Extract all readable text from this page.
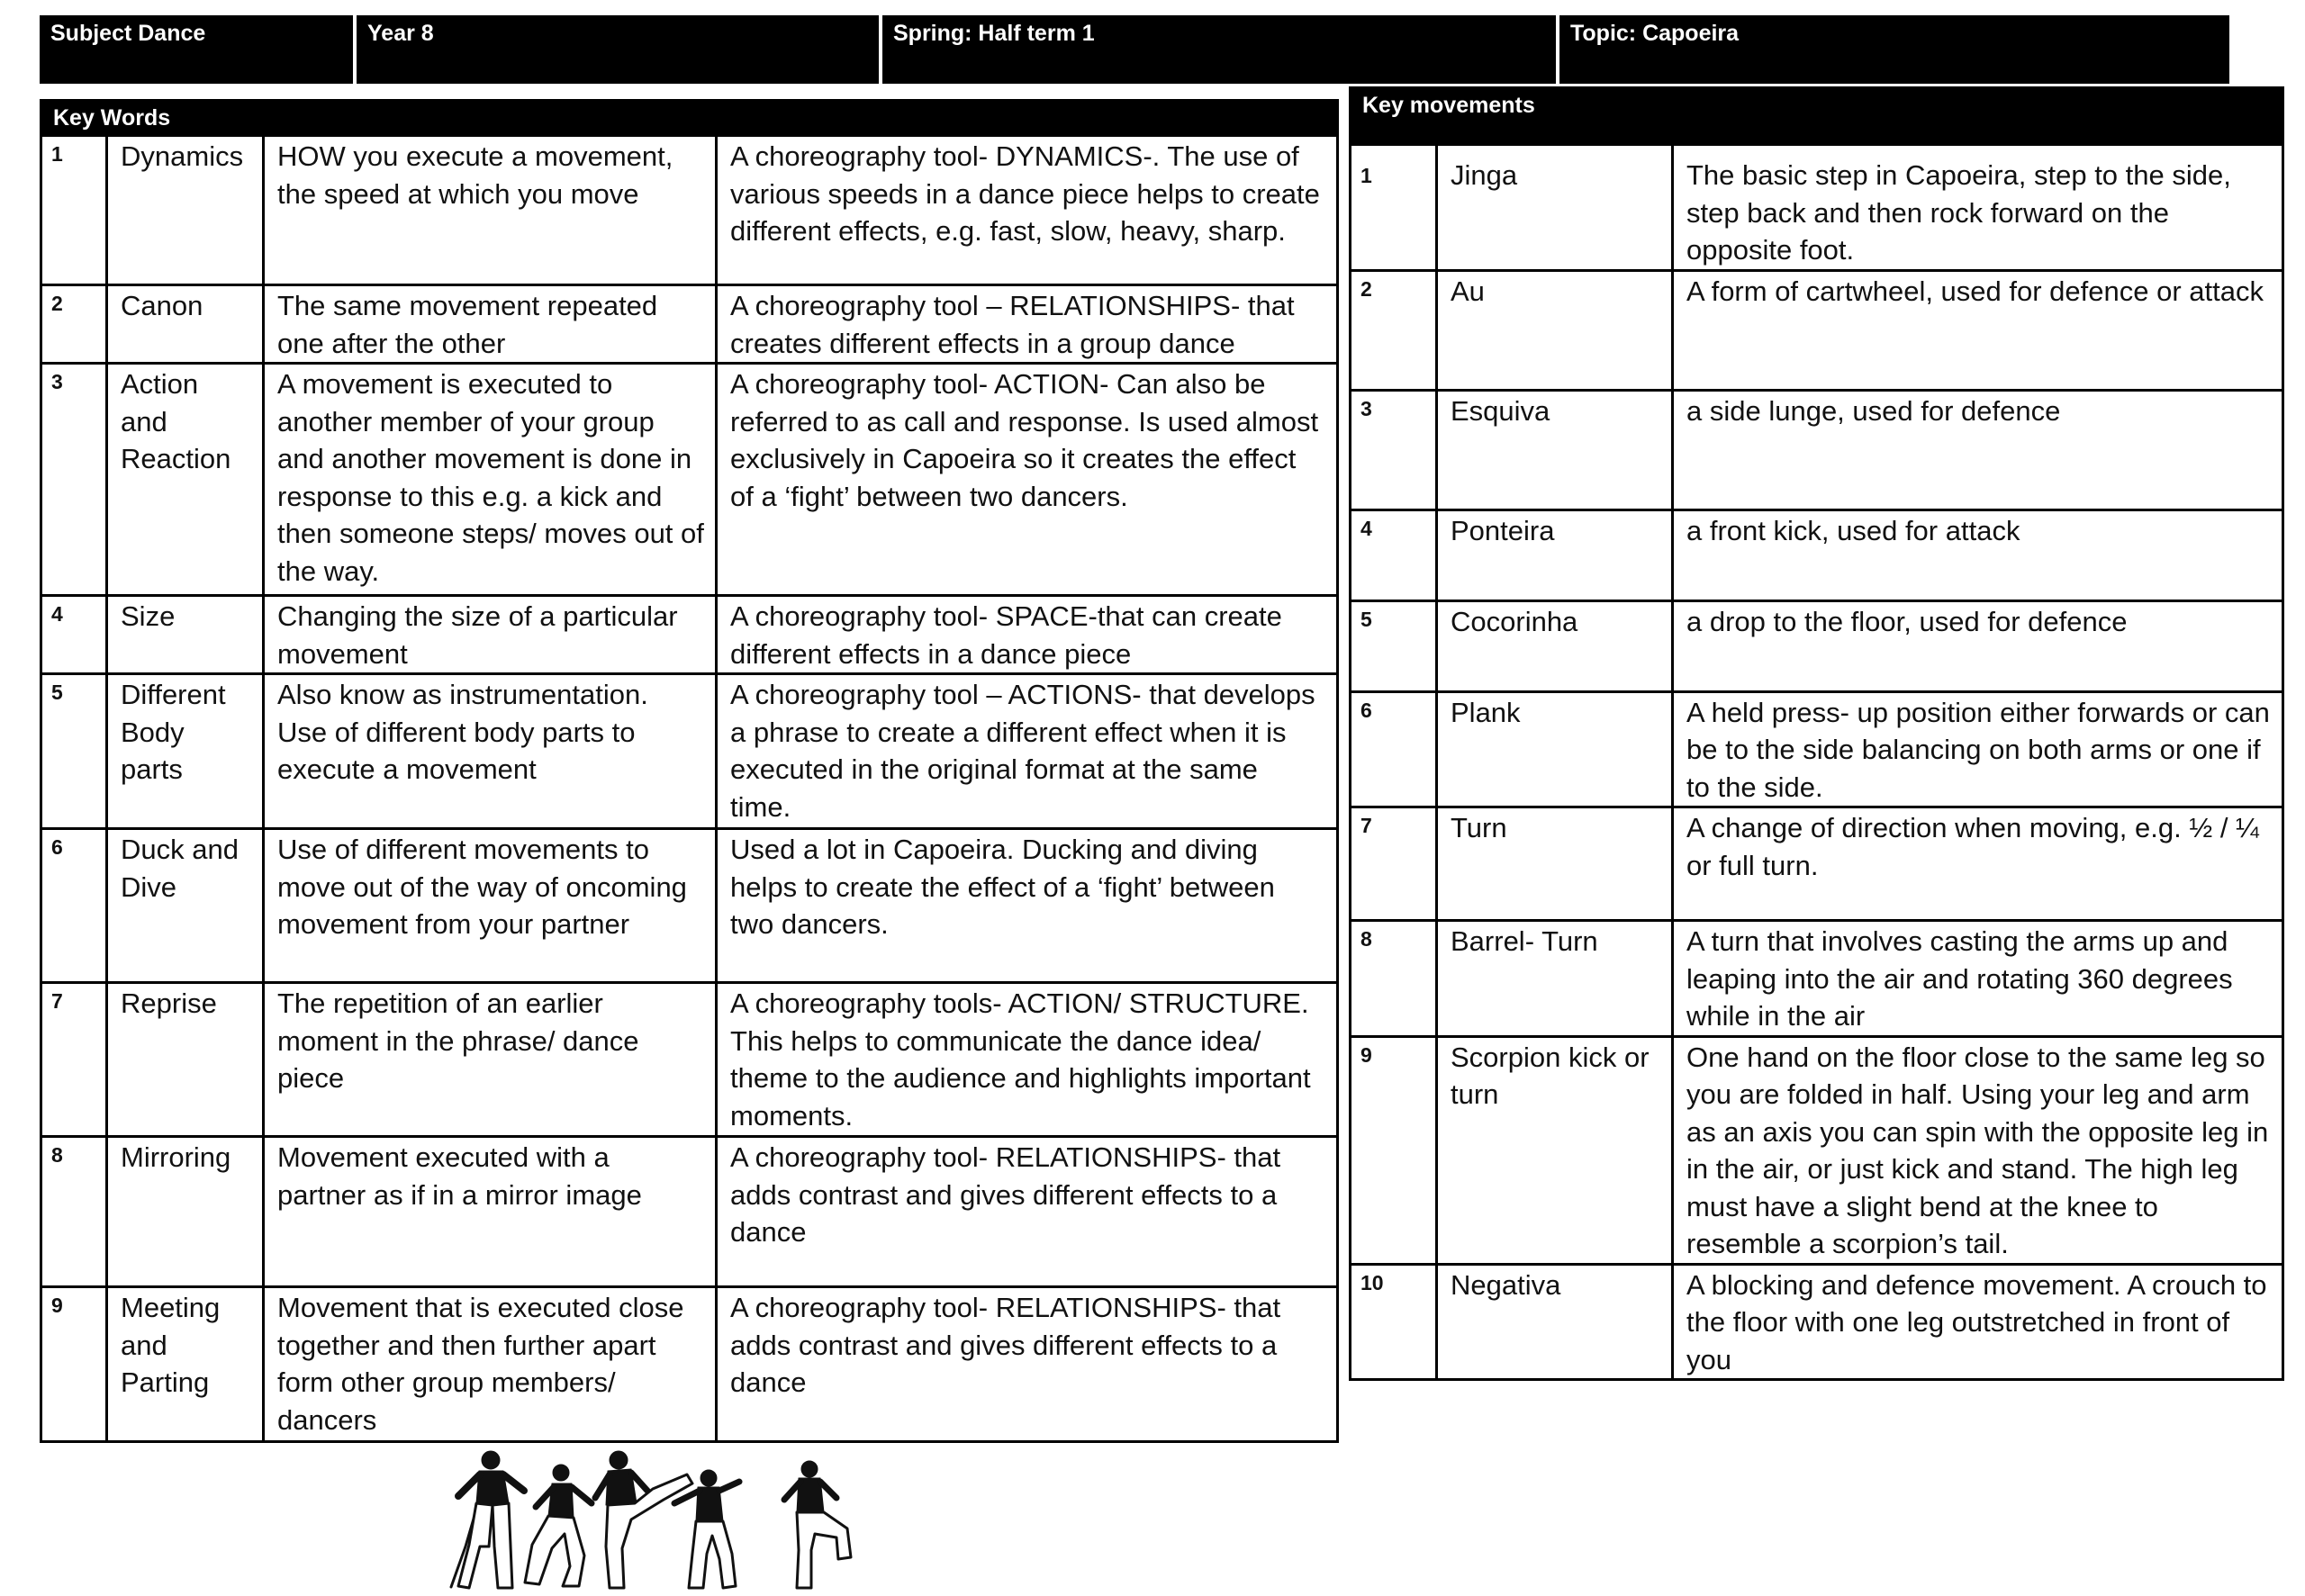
Subject Dance	Year 8	Spring: Half term 1	Topic: Capoeira
Key Words			
1	Dynamics	HOW you execute a movement, the speed at which you move	A choreography tool- DYNAMICS-. The use of various speeds in a dance piece helps to create different effects, e.g. fast, slow, heavy, sharp.
2	Canon	The same movement repeated one after the other	A choreography tool – RELATIONSHIPS- that creates different effects in a group dance
3	Action and Reaction	A movement is executed to another member of your group and another movement is done in response to this e.g. a kick and then someone steps/ moves out of the way.	A choreography tool- ACTION- Can also be referred to as call and response. Is used almost exclusively in Capoeira so it creates the effect of a ‘fight’ between two dancers.
4	Size	Changing the size of a particular movement	A choreography tool- SPACE-that can create different effects in a dance piece
5	Different Body parts	Also know as instrumentation. Use of different body parts to execute a movement	A choreography tool – ACTIONS- that develops a phrase to create a different effect when it is executed in the original format at the same time.
6	Duck and Dive	Use of different movements to move out of the way of oncoming movement from your partner	Used a lot in Capoeira. Ducking and diving helps to create the effect of a ‘fight’ between two dancers.
7	Reprise	The repetition of an earlier moment in the phrase/ dance piece	A choreography tools- ACTION/ STRUCTURE. This helps to communicate the dance idea/ theme to the audience and highlights important moments.
8	Mirroring	Movement executed with a partner as if in a mirror image	A choreography tool- RELATIONSHIPS- that adds contrast and gives different effects to a dance
9	Meeting and Parting	Movement that is executed close together and then further apart form other group members/ dancers	A choreography tool- RELATIONSHIPS- that adds contrast and gives different effects to a dance
Key movements		
1	Jinga	The basic step in Capoeira, step to the side, step back and then rock forward on the opposite foot.
2	Au	A form of cartwheel, used for defence or attack
3	Esquiva	a side lunge, used for defence
4	Ponteira	a front kick, used for attack
5	Cocorinha	a drop to the floor, used for defence
6	Plank	A held press- up position either forwards or can be to the side balancing on both arms or one if to the side.
7	Turn	A change of direction when moving, e.g. ½ / ¼ or full turn.
8	Barrel- Turn	A turn that involves casting the arms up and leaping into the air and rotating 360 degrees while in the air
9	Scorpion kick or turn	One hand on the floor close to the same leg so you are folded in half. Using your leg and arm as an axis you can spin with the opposite leg in in the air, or just kick and stand. The high leg must have a slight bend at the knee to resemble a scorpion’s tail.
10	Negativa	A blocking and defence movement. A crouch to the floor with one leg outstretched in front of you
